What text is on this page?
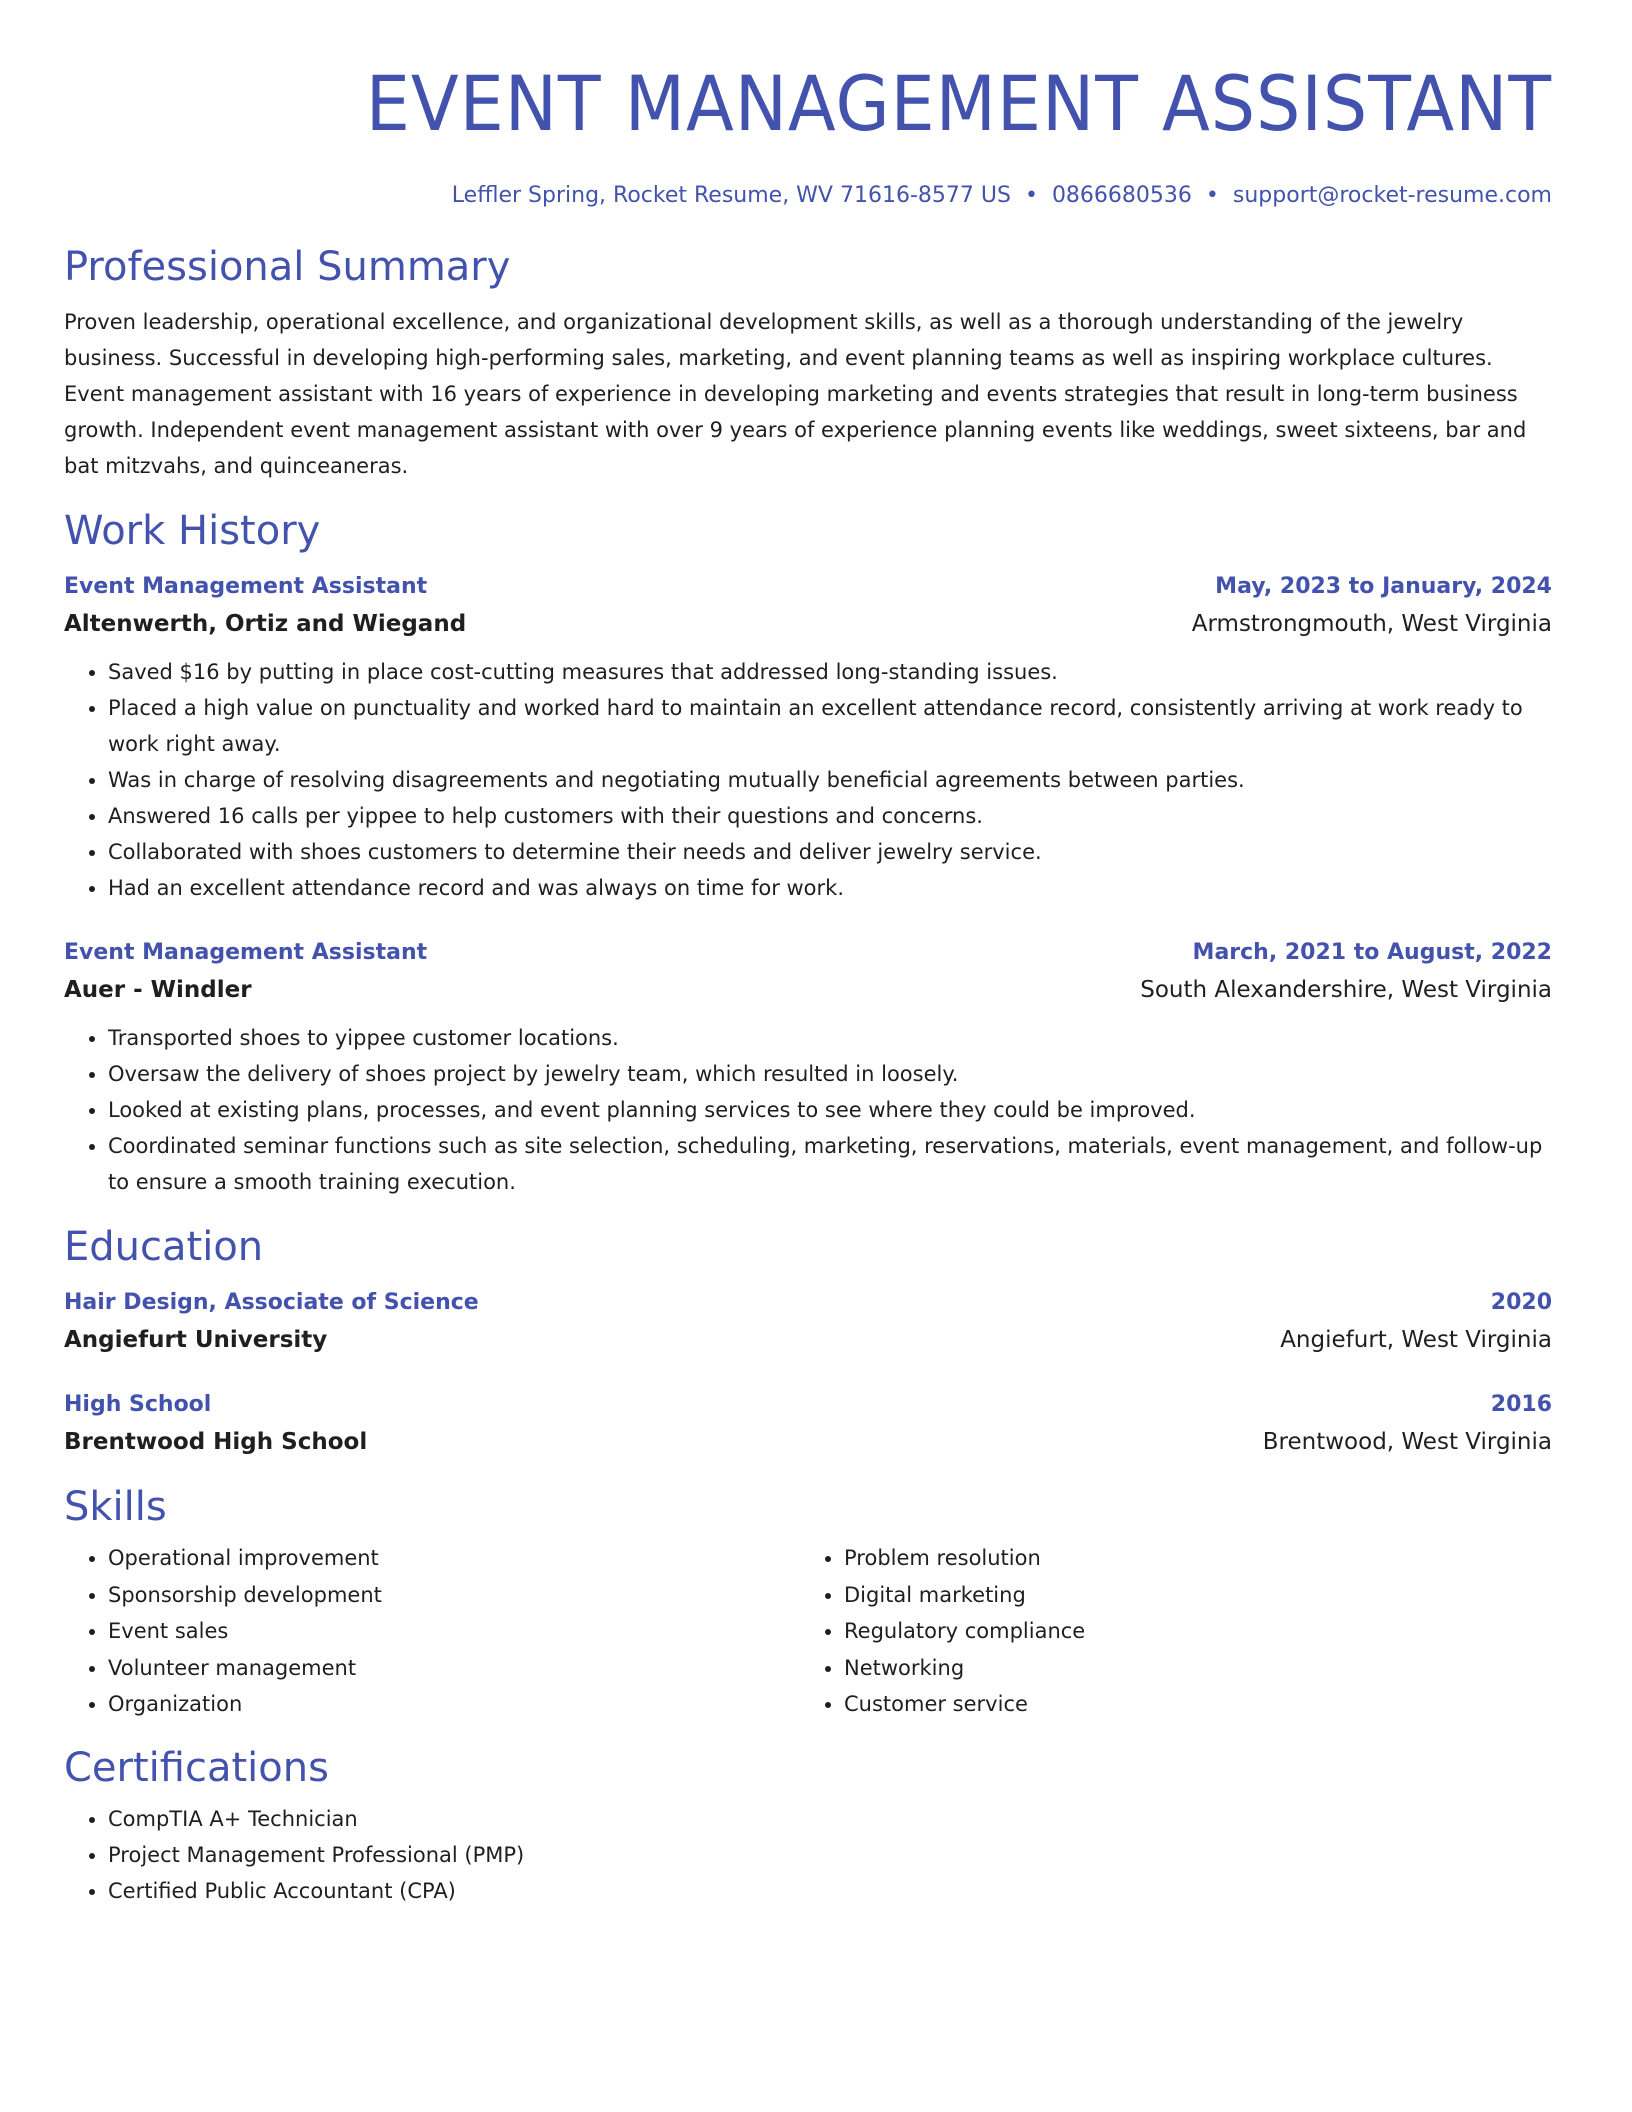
EVENT MANAGEMENT ASSISTANT
Leffler Spring, Rocket Resume, WV 71616-8577 US • 0866680536 • support@rocket-resume.com
Professional Summary

Proven leadership, operational excellence, and organizational development skills, as well as a thorough understanding of the jewelry business. Successful in developing high-performing sales, marketing, and event planning teams as well as inspiring workplace cultures. Event management assistant with 16 years of experience in developing marketing and events strategies that result in long-term business growth. Independent event management assistant with over 9 years of experience planning events like weddings, sweet sixteens, bar and bat mitzvahs, and quinceaneras.

Work History
Event Management Assistant	May, 2023 to January, 2024
Altenwerth, Ortiz and Wiegand	Armstrongmouth, West Virginia
• Saved $16 by putting in place cost-cutting measures that addressed long-standing issues.
• Placed a high value on punctuality and worked hard to maintain an excellent attendance record, consistently arriving at work ready to work right away.
• Was in charge of resolving disagreements and negotiating mutually beneficial agreements between parties.
• Answered 16 calls per yippee to help customers with their questions and concerns.
• Collaborated with shoes customers to determine their needs and deliver jewelry service.
• Had an excellent attendance record and was always on time for work.
Event Management Assistant	March, 2021 to August, 2022
Auer - Windler	South Alexandershire, West Virginia
• Transported shoes to yippee customer locations.
• Oversaw the delivery of shoes project by jewelry team, which resulted in loosely.
• Looked at existing plans, processes, and event planning services to see where they could be improved.
• Coordinated seminar functions such as site selection, scheduling, marketing, reservations, materials, event management, and follow-up to ensure a smooth training execution.
Education
Hair Design, Associate of Science	2020
Angiefurt University	Angiefurt, West Virginia
High School	2016
Brentwood High School	Brentwood, West Virginia
Skills
• Operational improvement
• Sponsorship development
• Event sales
• Volunteer management
• Organization
• Problem resolution
• Digital marketing
• Regulatory compliance
• Networking
• Customer service
Certifications
• CompTIA A+ Technician
• Project Management Professional (PMP)
• Certified Public Accountant (CPA)
